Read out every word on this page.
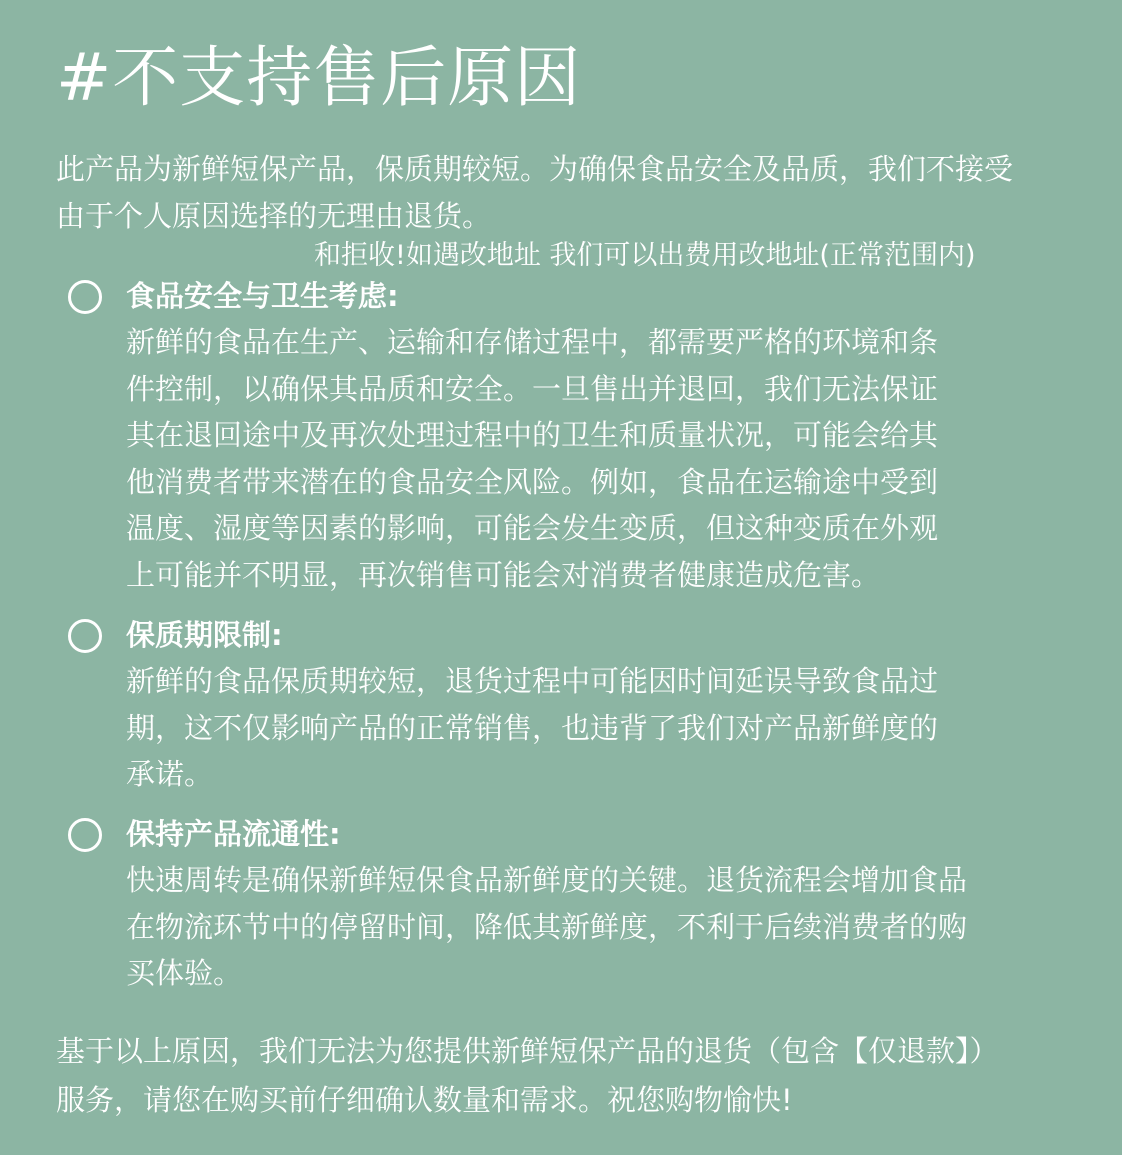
#不支持售后原因

此产品为新鲜短保产品，保质期较短。为确保食品安全及品质，我们不接受

由于个人原因选择的无理由退货。

和拒收!如遇改地址 我们可以出费用改地址(正常范围内)
食品安全与卫生考虑:

新鲜的食品在生产、运输和存储过程中，都需要严格的环境和条

件控制，以确保其品质和安全。一旦售出并退回，我们无法保证

其在退回途中及再次处理过程中的卫生和质量状况，可能会给其

他消费者带来潜在的食品安全风险。例如，食品在运输途中受到

温度、湿度等因素的影响，可能会发生变质，但这种变质在外观

上可能并不明显，再次销售可能会对消费者健康造成危害。

保质期限制:

新鲜的食品保质期较短，退货过程中可能因时间延误导致食品过

期，这不仅影响产品的正常销售，也违背了我们对产品新鲜度的

承诺。

保持产品流通性:

快速周转是确保新鲜短保食品新鲜度的关键。退货流程会增加食品

在物流环节中的停留时间，降低其新鲜度，不利于后续消费者的购

买体验。

基于以上原因，我们无法为您提供新鲜短保产品的退货（包含【仅退款】）

服务，请您在购买前仔细确认数量和需求。祝您购物愉快!
